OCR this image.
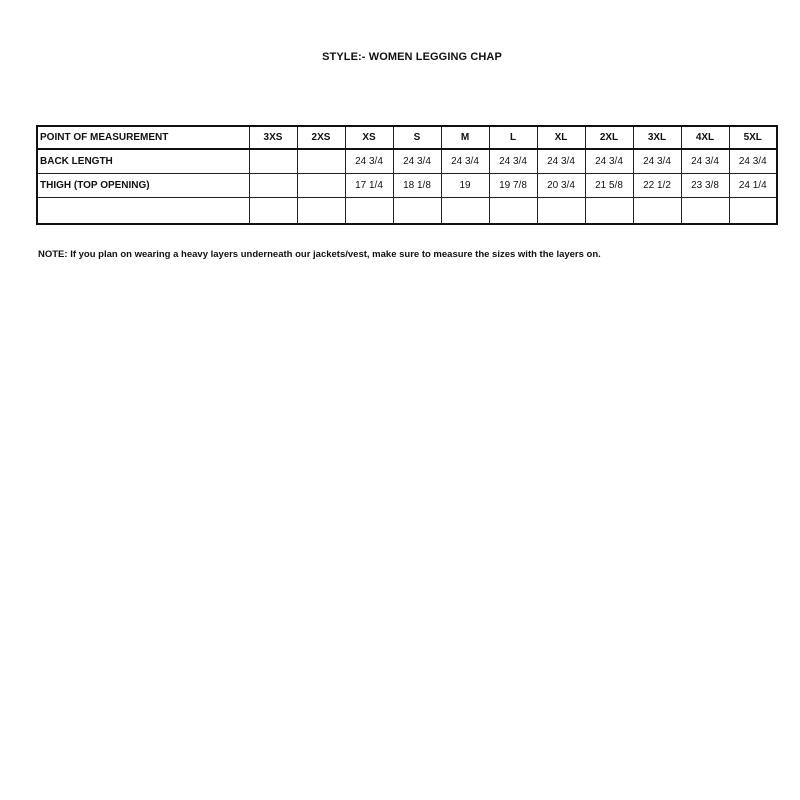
STYLE:- WOMEN LEGGING CHAP
POINT OF MEASUREMENT	3XS	2XS	XS	S	M	L	XL	2XL	3XL	4XL	5XL
BACK LENGTH			24 3/4	24 3/4	24 3/4	24 3/4	24 3/4	24 3/4	24 3/4	24 3/4	24 3/4
THIGH (TOP OPENING)			17 1/4	18 1/8	19	19 7/8	20 3/4	21 5/8	22 1/2	23 3/8	24 1/4

NOTE: If you plan on wearing a heavy layers underneath our jackets/vest, make sure to measure the sizes with the layers on.
